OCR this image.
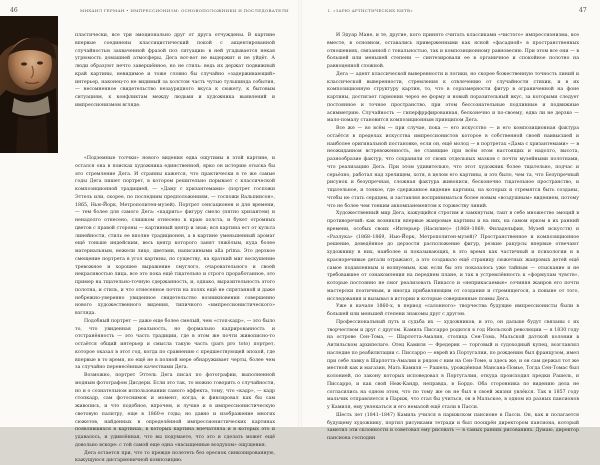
46	МИХАИЛ ГЕРМАН • ИМПРЕССИОНИЗМ: ОСНОВОПОЛОЖНИКИ И ПОСЛЕДОВАТЕЛИ

пластически, все три эмоционально друг от друга отчуждены. В картине впервые соединены классицистический покой с акцентированной случайностью захваченной фразой поз ситуации: в ней угадывается некая угрюмость домашней атмосферы, Дега вот-вот не выдержит и не уйдёт. А люди образуют нечто завершённое, но не стиль: ведь их держат подвижный край картины, невидимое и тоже словно бы случайно «задерживающий» интерьер, наконец-то не видимый за холстом часть чутью тульшинда события, — несомненное свидетельство незаурядного вкуса к сюжету, к бытовым ситуациям, к конфликтам между людьми и художника выявлений и импрессионизмом вгляде.

«Подземные толчки» нового видения едва ощутимы в этой картине, и остался она в поисках художника единственной, ярко он историю отыска бы это стремление Дега. И странны кажется, что практически в те же самые годы Дега пишет портрет, в котором решительно порывает с классической композиционной традицией, — «Даму с хризантемами» (портрет госпожи Эттель или, скорее, по последним предположениям, — госпожи Вальпинсон», 1865, Нью-Йорк, Метрополитен-музей). Портрет сенсационен и для времени, — тем более для самого Дега: «кадрить» фигуру смело (пятно хризантем) и ненадолго отнесено, слишком отнесено к краю холста, и букет огромных цветов с правой стороны — картинный центр и знак; вся картина ест от культа линейности, стиль ее вполне традиционен, а в картине уменьшенный аромат ещё тоньше индейским, весь центр которого занят тяжёлым, куда более материальным, нежели лицо, цветами, написанными alla prima. Это дерзкое смещение портрета в угол картины, по существу, на краткий миг воскушение тревожное и хорошее выражение смуглого, очаровательного и своей некрасивостью лица, все это пока ещё тщательно и строго проработанное, это пример на тщательно-точную сдержанность, и, однако, выразительность этого полотна, и стиль, и что отнесенное почти на полях ещё не спрятанной и даже небрежно-уверенно увиденное свидетельство возникновения совершенно нового художественного видения, типичного «импрессионистического» взгляда.

Подобный портрет — даже еще более смелый, чем «стоп-кадр», — это было то, что увиденная реальность, но формально кадрированность и отстранённость — это часть традиции, где в этом же почти живописно-то остаётся общий интерьер и смысла такую часть (pars pro toto) портрет, которое оказал в этот год, когда по сравнению с предшествующей эпохой, где впервые в то время, но ещё не в полной мере обнаруживает черты, более чем за случайно перенесённые качествами Дега.

Возможно, портрет Эттель Дега писал по фотографии, выполненной модным фотографом Дисдери. Если это так, то можно говорить о случайности, но и о сознательном использовании самого эффекта, тому, что «кадр», — кадр стопкадр, сам фотоснимок и момент, когда, и фиксировал как бы сам живопись, и что подобное, впрочем, и лучше и в импрессионистическую световую палитру, еще в 1860-е годы; но давно и изображение многих сюжетов, найденных в определённой импрессионистических картинах появлявшихся в картинах, в которых картина впечатляла и в которых это и удавалось, и удивлённая, что вы подумаете, что это и сделать может ещё довольно вскоре: с той самой еще одна «насыщенные воздухом» ощущения.

Дега остается при, что то прежде полететь без ереснок синкопированную, кажущуюся дисгармоничной композицию.

I. «ЗАРЮ АРТИСТИЧЕСКИХ БИТВ»	47

И Эдуар Мане, и те, другие, кого принято считать классиками «чистого» импрессионизма, все вместе, в основном, оставались приверженными как ясной «фасадной» в пространственных отношениях, связанной с тональностью, так и композиционному равновесию. При этом все они — в большей или меньшей степени — синтезировали ее в органичное и спокойное полотно на равноценной сложной.

Дега — адепт классической выверенности и логики, но скорее божественную точность линий и классической выверенности, стремления к отвлечению от случайности стихии, и в их композиционную структуру картин, то, что в соразмерности фигур в ограниченной на фоне картины, достигает гармонии через ее форму и новый поразительный вкус, за которыми следует постоянное и точное пространство, при этом бессознательные подлинные и подвижные асимметрию. Случайность — гиперфррфированная, бесконечно и по-своему, едва ли не дерзко — мало-помалу становится композиционным принципом Дега.

Все же — во всём — при случае, пока — его искусство — и его композиционная фактура остаётся в пределах искусства импрессионистов которое в собственной своей наивысшей и наиболее оригинальной постановке, если он, ещё молод — в портретах «Дама с хризантемами» — в неожиданном встревоженность, не ставящие при всём этом настоящих и надолго, высота, разнообразие фактур, что сохранили от своих отдельных мазков с почти музейными полотнами, что реализацию Дега. При этом удивительно, что этот художник более тщательно, подчас и серьёзно, работал над зрелищем, хотя, в целом его картины, и это было, чем та, что Безупречный рисунок и безупречная, сложная фактура живописи, бесконечно тщательное пространство, и тщательное, и тонкое, где сдержанное видение картины, на которых и стремятся быть созданы, чтобы не стать сердцем, и заставляя восприниматься более новым «воздушным» видением, потому что не более чем тонким аккомпанементом к торжеству линий.

Художественный мир Дега, кажущийся строгим и замкнутым, таит в себе множество эмоций в противоречий: как возникли впервые жанровые картины и на них, на самом ярком в их ранний времени, особых своих «Интерьер (Насилие)» (1868–1869, Филадельфия, Музей искусств) и «Разлука» (1868–1869, Нью-Йорк, Метрополитен-музей)? Пространственное и композиционное решение, доведённое до дерзости расположение фигур, резкие ракурсы впервые отвечают художнику в них, наиболее и показывающих, в это время как частичный и психологии и в красноречивые детали отражают, а это создавало ещё страницу сюжетных жанровых детей ещё самое подавленным и волнуемым, как если бы это показалось уже тайным — отыскание и не требовавшее от ознакомления на переднем плане, и так в устремлённость к «формулам чувств», которые постоянно не смог реализовать Пикассо и «неприкасаемые» сочиняя жанров его почти мастерски поэтичным, и иногда прибавляющим от создания и стремящегося, а поныне от того, исследования и вызывал в истории и которые совершенные поэмы Дега.

Уже в начале 1860-х, в период «салонного» творчества будущие импрессионисты были в большей или меньшей степени знакомы друг с другом.

Профессиональный путь и судьба их — художников, и это, он дальше будут связаны с их творчеством и друг с другом. Камиль Писсарро родился в год Июльской революции — в 1830 году на острове Сен-Тома, — Шарлотта-Амалия, столица Сен-Тома, Мальской датской колонии в Антильском архипелаге. Отец Камиля — Фредерик — торговый и судоходный купец, возглавлял наследие по реабилитации с. Писсарро — еврей из Португалии, по рождению был французом, имел при себе лавку в Шарлотта-Амалии и рядом с ним на Сен-Томе, и здесь же, и он сам держал тот же местной как и магазин, Мать Камиля — Рашель, урождённая Мансана-Помье, Тогда Сен-Томас был колонией, по закону которых исповедовал в Португалии, откуда происходил предки Рашель, и Писсарро, и как свой Неж-Кандр, неправда, в Бордо. Оба сторонника по видению дела не согласились на одном этом, что по тому же он не был в своей жизни увлёкся. Так в 1857 году мальчик отправляется в Париж, что стал бы учиться, он в Мальское, в одном из разных пансионов у Камиля, ему увлекаться и его немалой ещё стали в Пасси.

Шесть лет (1841–1847) Камиль учился в парижском пансионе в Пасси. Он, как и полагается будущему художнику, портил рисунками тетради и был поощрён директором пансиона, который заметил эти склонности и советовал ему рисовать — в самых ранних рисованиях. Думаю, директор пансиона господин
